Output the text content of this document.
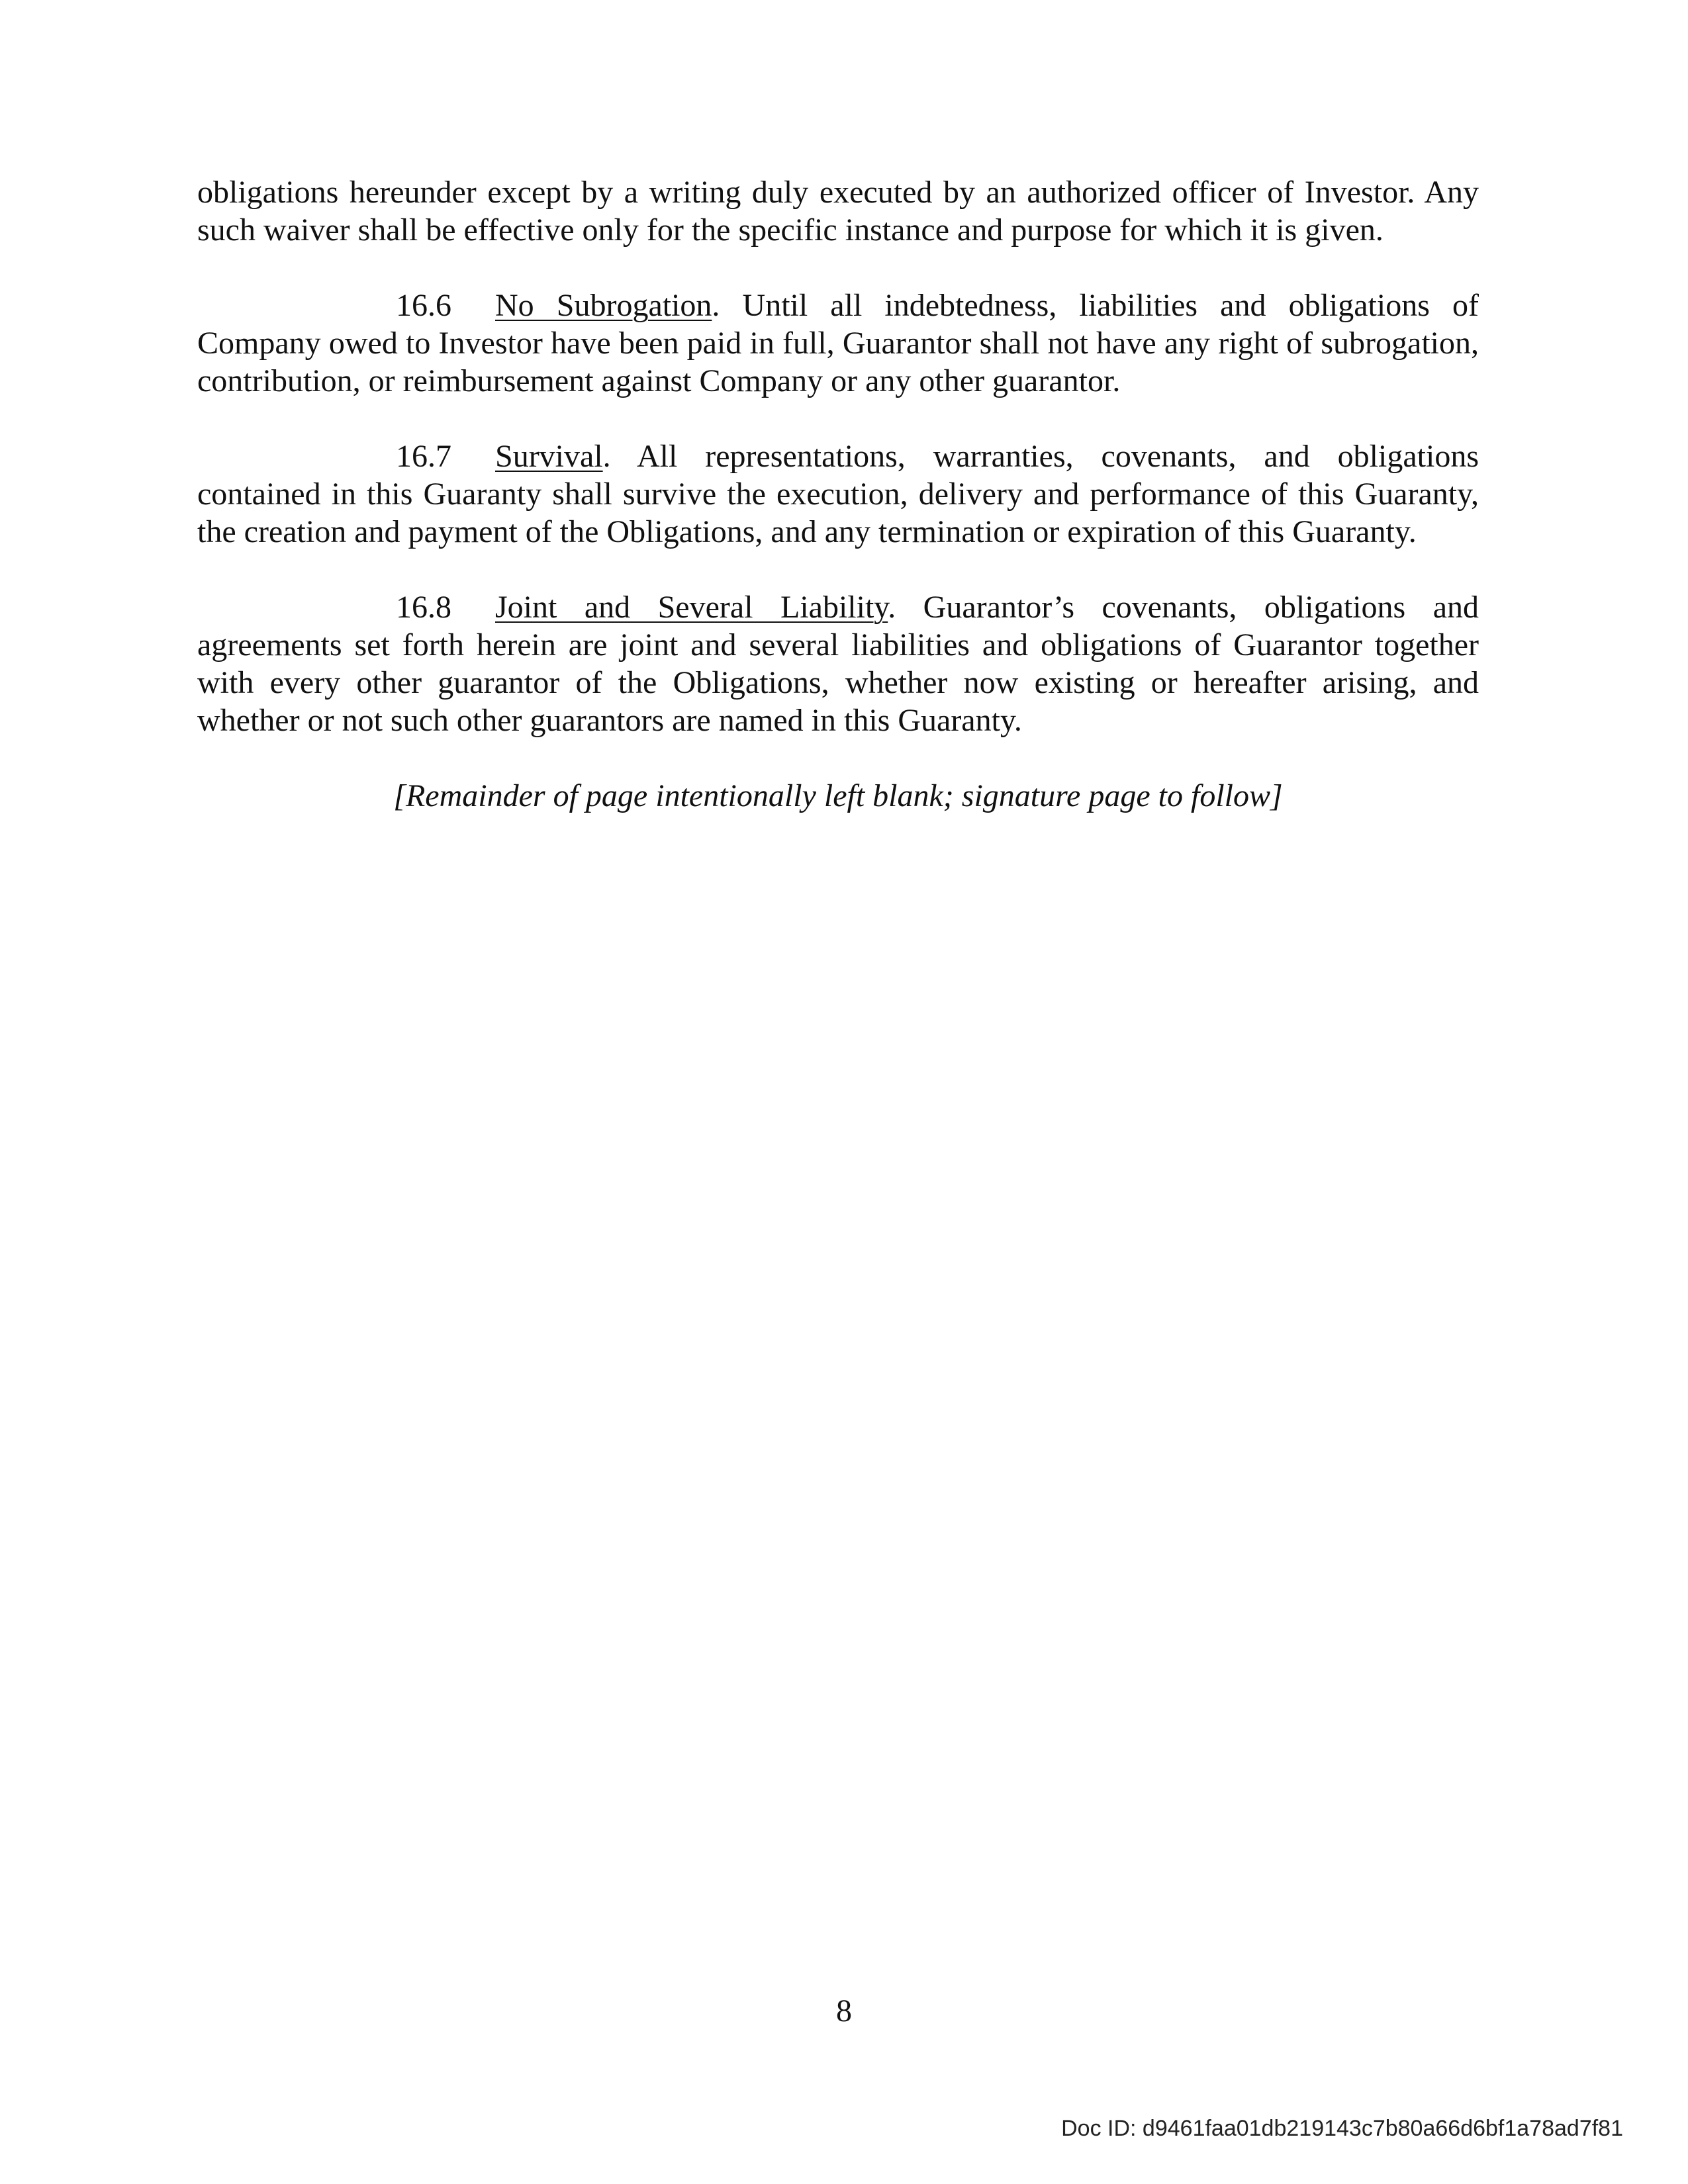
obligations hereunder except by a writing duly executed by an authorized officer of Investor. Any such waiver shall be effective only for the specific instance and purpose for which it is given.

16.6 No Subrogation. Until all indebtedness, liabilities and obligations of Company owed to Investor have been paid in full, Guarantor shall not have any right of subrogation, contribution, or reimbursement against Company or any other guarantor.

16.7 Survival. All representations, warranties, covenants, and obligations contained in this Guaranty shall survive the execution, delivery and performance of this Guaranty, the creation and payment of the Obligations, and any termination or expiration of this Guaranty.

16.8 Joint and Several Liability. Guarantor’s covenants, obligations and agreements set forth herein are joint and several liabilities and obligations of Guarantor together with every other guarantor of the Obligations, whether now existing or hereafter arising, and whether or not such other guarantors are named in this Guaranty.

[Remainder of page intentionally left blank; signature page to follow]

8
Doc ID: d9461faa01db219143c7b80a66d6bf1a78ad7f81
